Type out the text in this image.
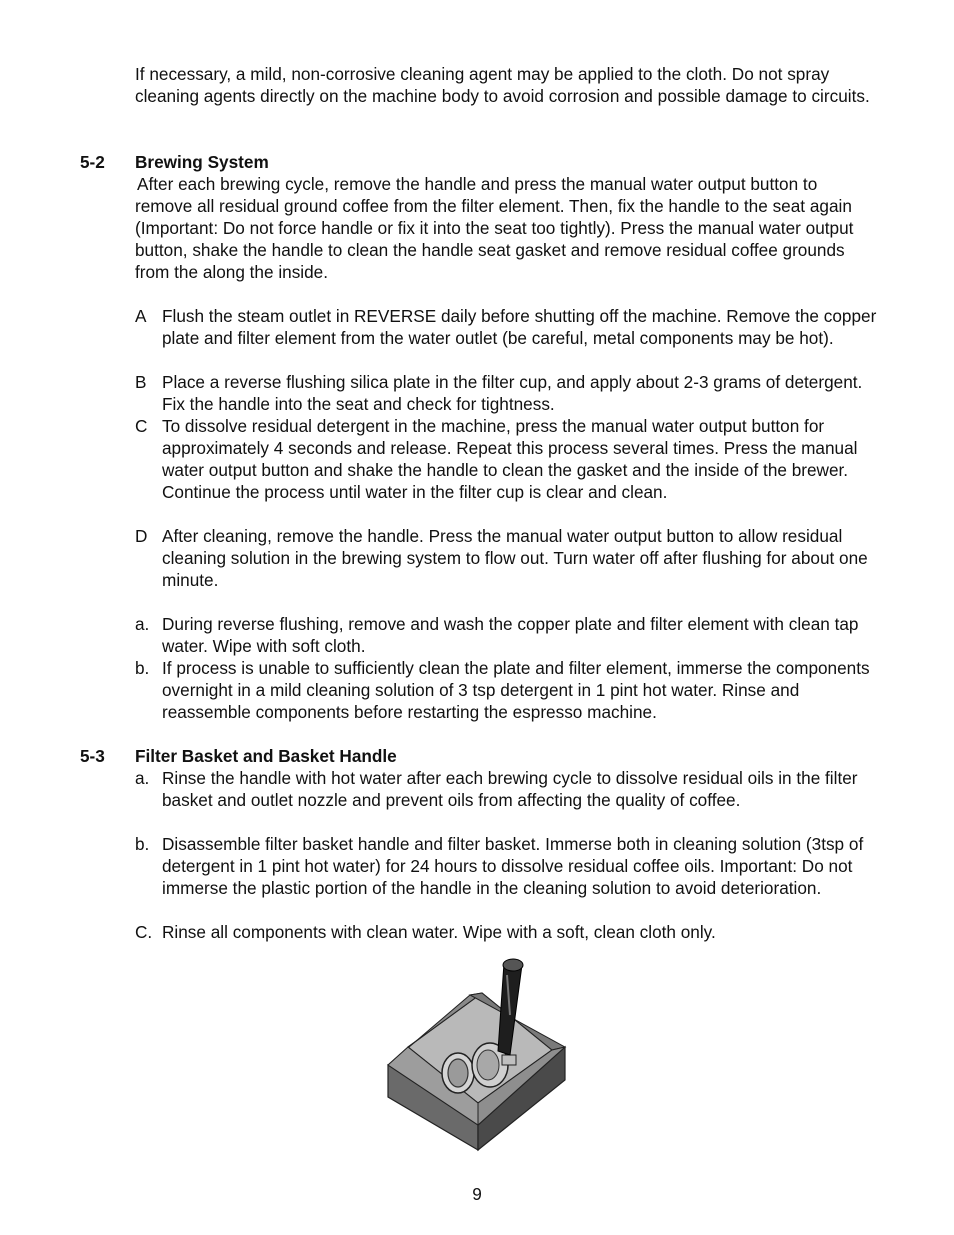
If necessary, a mild, non-corrosive cleaning agent may be applied to the cloth. Do not spray cleaning agents directly on the machine body to avoid corrosion and possible damage to circuits.

5-2 Brewing System

After each brewing cycle, remove the handle and press the manual water output button to remove all residual ground coffee from the filter element. Then, fix the handle to the seat again (Important: Do not force handle or fix it into the seat too tightly). Press the manual water output button, shake the handle to clean the handle seat gasket and remove residual coffee grounds from the along the inside.

A Flush the steam outlet in REVERSE daily before shutting off the machine. Remove the copper plate and filter element from the water outlet (be careful, metal components may be hot).
B Place a reverse flushing silica plate in the filter cup, and apply about 2-3 grams of detergent. Fix the handle into the seat and check for tightness.
C To dissolve residual detergent in the machine, press the manual water output button for approximately 4 seconds and release. Repeat this process several times. Press the manual water output button and shake the handle to clean the gasket and the inside of the brewer. Continue the process until water in the filter cup is clear and clean.
D After cleaning, remove the handle. Press the manual water output button to allow residual cleaning solution in the brewing system to flow out. Turn water off after flushing for about one minute.
a. During reverse flushing, remove and wash the copper plate and filter element with clean tap water. Wipe with soft cloth.
b. If process is unable to sufficiently clean the plate and filter element, immerse the components overnight in a mild cleaning solution of 3 tsp detergent in 1 pint hot water. Rinse and reassemble components before restarting the espresso machine.
5-3 Filter Basket and Basket Handle
a. Rinse the handle with hot water after each brewing cycle to dissolve residual oils in the filter basket and outlet nozzle and prevent oils from affecting the quality of coffee.
b. Disassemble filter basket handle and filter basket. Immerse both in cleaning solution (3tsp of detergent in 1 pint hot water) for 24 hours to dissolve residual coffee oils. Important: Do not immerse the plastic portion of the handle in the cleaning solution to avoid deterioration.
C. Rinse all components with clean water. Wipe with a soft, clean cloth only.
9
